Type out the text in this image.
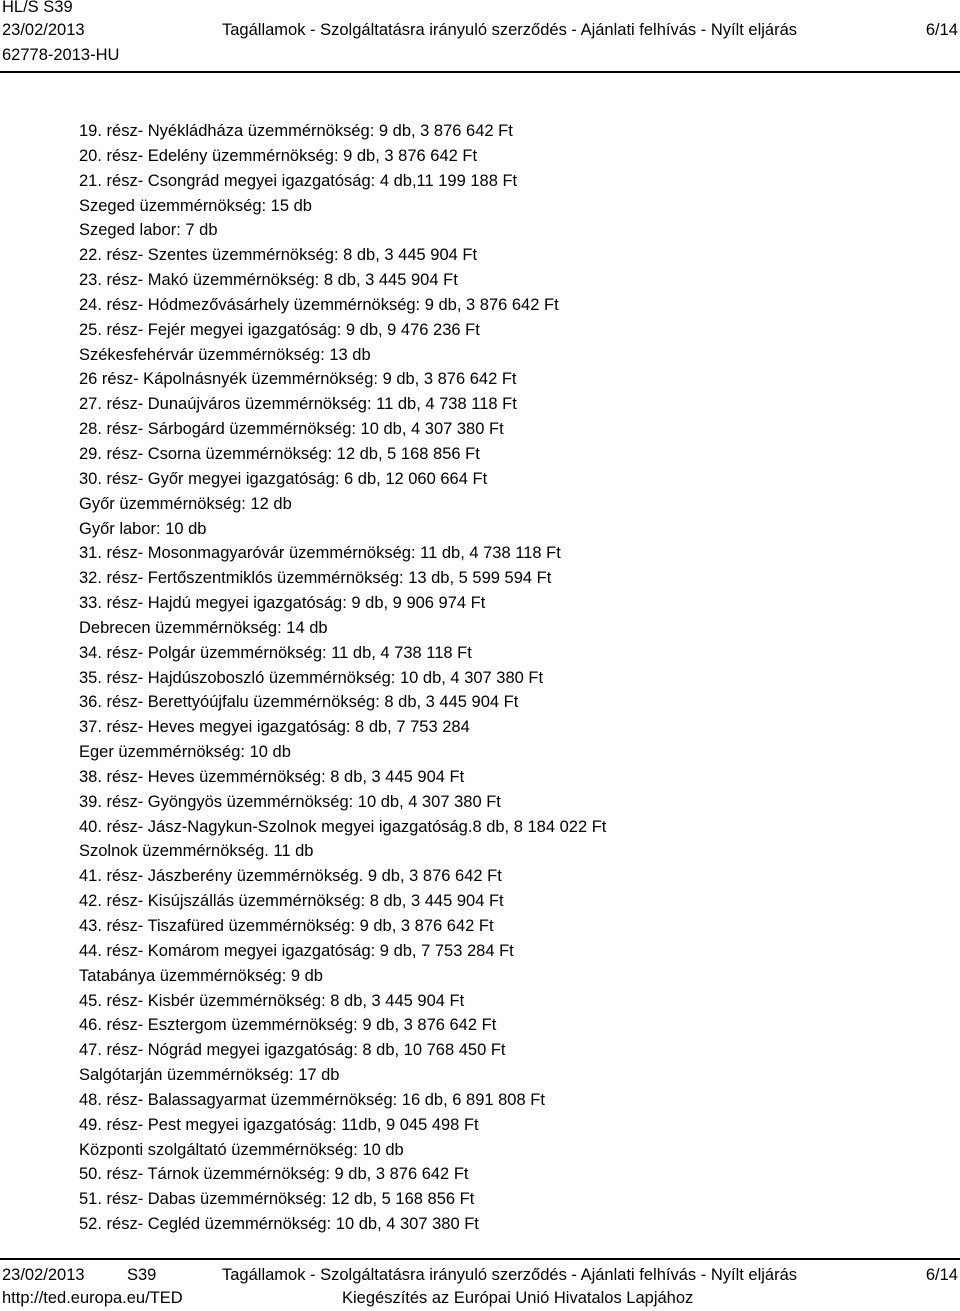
HL/S S39
23/02/2013	Tagállamok - Szolgáltatásra irányuló szerződés - Ajánlati felhívás - Nyílt eljárás	6/14
62778-2013-HU
19. rész- Nyékládháza üzemmérnökség: 9 db, 3 876 642 Ft
20. rész- Edelény üzemmérnökség: 9 db, 3 876 642 Ft
21. rész- Csongrád megyei igazgatóság: 4 db,11 199 188 Ft
Szeged üzemmérnökség: 15 db
Szeged labor: 7 db
22. rész- Szentes üzemmérnökség: 8 db, 3 445 904 Ft
23. rész- Makó üzemmérnökség: 8 db, 3 445 904 Ft
24. rész- Hódmezővásárhely üzemmérnökség: 9 db, 3 876 642 Ft
25. rész- Fejér megyei igazgatóság: 9 db, 9 476 236 Ft
Székesfehérvár üzemmérnökség: 13 db
26 rész- Kápolnásnyék üzemmérnökség: 9 db, 3 876 642 Ft
27. rész- Dunaújváros üzemmérnökség: 11 db, 4 738 118 Ft
28. rész- Sárbogárd üzemmérnökség: 10 db, 4 307 380 Ft
29. rész- Csorna üzemmérnökség: 12 db, 5 168 856 Ft
30. rész- Győr megyei igazgatóság: 6 db, 12 060 664 Ft
Győr üzemmérnökség: 12 db
Győr labor: 10 db
31. rész- Mosonmagyaróvár üzemmérnökség: 11 db, 4 738 118 Ft
32. rész- Fertőszentmiklós üzemmérnökség: 13 db, 5 599 594 Ft
33. rész- Hajdú megyei igazgatóság: 9 db, 9 906 974 Ft
Debrecen üzemmérnökség: 14 db
34. rész- Polgár üzemmérnökség: 11 db, 4 738 118 Ft
35. rész- Hajdúszoboszló üzemmérnökség: 10 db, 4 307 380 Ft
36. rész- Berettyóújfalu üzemmérnökség: 8 db, 3 445 904 Ft
37. rész- Heves megyei igazgatóság: 8 db, 7 753 284
Eger üzemmérnökség: 10 db
38. rész- Heves üzemmérnökség: 8 db, 3 445 904 Ft
39. rész- Gyöngyös üzemmérnökség: 10 db, 4 307 380 Ft
40. rész- Jász-Nagykun-Szolnok megyei igazgatóság.8 db, 8 184 022 Ft
Szolnok üzemmérnökség. 11 db
41. rész- Jászberény üzemmérnökség. 9 db, 3 876 642 Ft
42. rész- Kisújszállás üzemmérnökség: 8 db, 3 445 904 Ft
43. rész- Tiszafüred üzemmérnökség: 9 db, 3 876 642 Ft
44. rész- Komárom megyei igazgatóság: 9 db, 7 753 284 Ft
Tatabánya üzemmérnökség: 9 db
45. rész- Kisbér üzemmérnökség: 8 db, 3 445 904 Ft
46. rész- Esztergom üzemmérnökség: 9 db, 3 876 642 Ft
47. rész- Nógrád megyei igazgatóság: 8 db, 10 768 450 Ft
Salgótarján üzemmérnökség: 17 db
48. rész- Balassagyarmat üzemmérnökség: 16 db, 6 891 808 Ft
49. rész- Pest megyei igazgatóság: 11db, 9 045 498 Ft
Központi szolgáltató üzemmérnökség: 10 db
50. rész- Tárnok üzemmérnökség: 9 db, 3 876 642 Ft
51. rész- Dabas üzemmérnökség: 12 db, 5 168 856 Ft
52. rész- Cegléd üzemmérnökség: 10 db, 4 307 380 Ft
23/02/2013	S39	Tagállamok - Szolgáltatásra irányuló szerződés - Ajánlati felhívás - Nyílt eljárás	6/14
http://ted.europa.eu/TED	Kiegészítés az Európai Unió Hivatalos Lapjához
